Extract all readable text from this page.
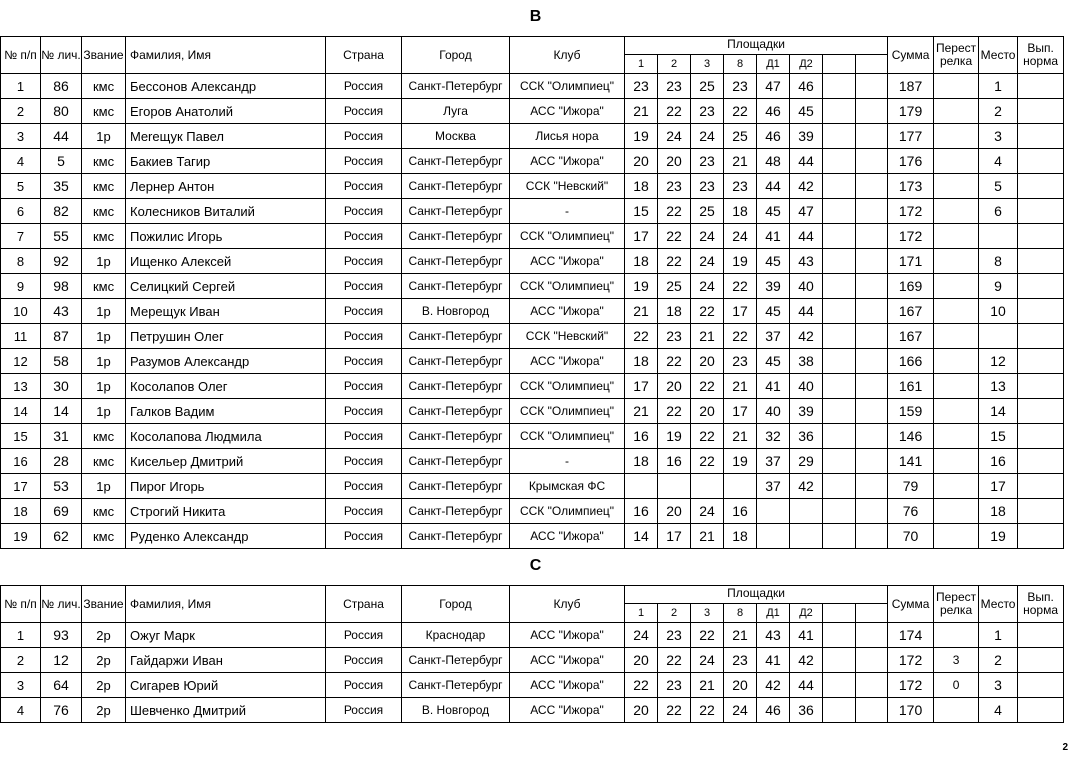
B
№ п/п	№ лич.	Звание	Фамилия, Имя	Страна	Город	Клуб	Площадки								Сумма	Перест релка	Место	Вып. норма
							1	2	3	8	Д1	Д2						
1	86	кмс	Бессонов Александр	Россия	Санкт-Петербург	ССК "Олимпиец"	23	23	25	23	47	46			187		1	
2	80	кмс	Егоров Анатолий	Россия	Луга	АСС "Ижора"	21	22	23	22	46	45			179		2	
3	44	1р	Merещук Павел	Россия	Москва	Лисья нора	19	24	24	25	46	39			177		3	
4	5	кмс	Бакиев Тагир	Россия	Санкт-Петербург	АСС "Ижора"	20	20	23	21	48	44			176		4	
5	35	кмс	Лернер Антон	Россия	Санкт-Петербург	ССК "Невский"	18	23	23	23	44	42			173		5	
6	82	кмс	Колесников Виталий	Россия	Санкт-Петербург	-	15	22	25	18	45	47			172		6	
7	55	кмс	Пожилис Игорь	Россия	Санкт-Петербург	ССК "Олимпиец"	17	22	24	24	41	44			172			
8	92	1р	Ищенко Алексей	Россия	Санкт-Петербург	АСС "Ижора"	18	22	24	19	45	43			171		8	
9	98	кмс	Селицкий Сергей	Россия	Санкт-Петербург	ССК "Олимпиец"	19	25	24	22	39	40			169		9	
10	43	1р	Мерещук Иван	Россия	В. Новгород	АСС "Ижора"	21	18	22	17	45	44			167		10	
11	87	1р	Петрушин Олег	Россия	Санкт-Петербург	ССК "Невский"	22	23	21	22	37	42			167			
12	58	1р	Разумов Александр	Россия	Санкт-Петербург	АСС "Ижора"	18	22	20	23	45	38			166		12	
13	30	1р	Косолапов Олег	Россия	Санкт-Петербург	ССК "Олимпиец"	17	20	22	21	41	40			161		13	
14	14	1р	Галков Вадим	Россия	Санкт-Петербург	ССК "Олимпиец"	21	22	20	17	40	39			159		14	
15	31	кмс	Косолапова Людмила	Россия	Санкт-Петербург	ССК "Олимпиец"	16	19	22	21	32	36			146		15	
16	28	кмс	Кисельер Дмитрий	Россия	Санкт-Петербург	-	18	16	22	19	37	29			141		16	
17	53	1р	Пирог Игорь	Россия	Санкт-Петербург	Крымская ФС					37	42			79		17	
18	69	кмс	Строгий Никита	Россия	Санкт-Петербург	ССК "Олимпиец"	16	20	24	16					76		18	
19	62	кмс	Руденко Александр	Россия	Санкт-Петербург	АСС "Ижора"	14	17	21	18					70		19	
C
№ п/п	№ лич.	Звание	Фамилия, Имя	Страна	Город	Клуб	Площадки								Сумма	Перест релка	Место	Вып. норма
							1	2	3	8	Д1	Д2						
1	93	2р	Ожуг Марк	Россия	Краснодар	АСС "Ижора"	24	23	22	21	43	41			174		1	
2	12	2р	Гайдаржи Иван	Россия	Санкт-Петербург	АСС "Ижора"	20	22	24	23	41	42			172	3	2	
3	64	2р	Сигарев Юрий	Россия	Санкт-Петербург	АСС "Ижора"	22	23	21	20	42	44			172	0	3	
4	76	2р	Шевченко Дмитрий	Россия	В. Новгород	АСС "Ижора"	20	22	22	24	46	36			170		4	
2
